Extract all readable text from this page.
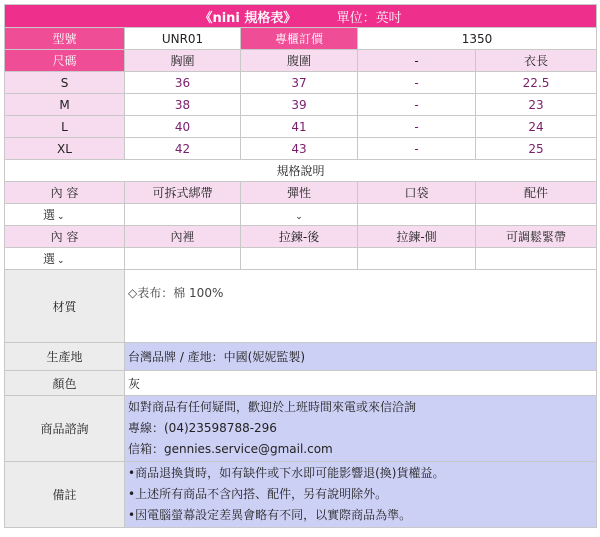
《nini 規格表》 單位：英吋				
型號	UNR01	專櫃訂價	1350	
尺碼	胸圍	腹圍	-	衣長
S	36	37	-	22.5
M	38	39	-	23
L	40	41	-	24
XL	42	43	-	25
規格說明				
內 容	可拆式綁帶	彈性	口袋	配件
選 ⌄		⌄		
內 容	內裡	拉鍊-後	拉鍊-側	可調鬆緊帶
選 ⌄				
材質	◇表布：棉 100%			

生產地	台灣品牌 / 產地：中國(妮妮監製)			
顏色	灰			
商品諮詢	如對商品有任何疑問，歡迎於上班時間來電或來信洽詢
專線：(04)23598788-296
信箱：gennies.service@gmail.com			

備註	•商品退換貨時，如有缺件或下水即可能影響退(換)貨權益。
•上述所有商品不含內搭、配件，另有說明除外。
•因電腦螢幕設定差異會略有不同，以實際商品為準。			
